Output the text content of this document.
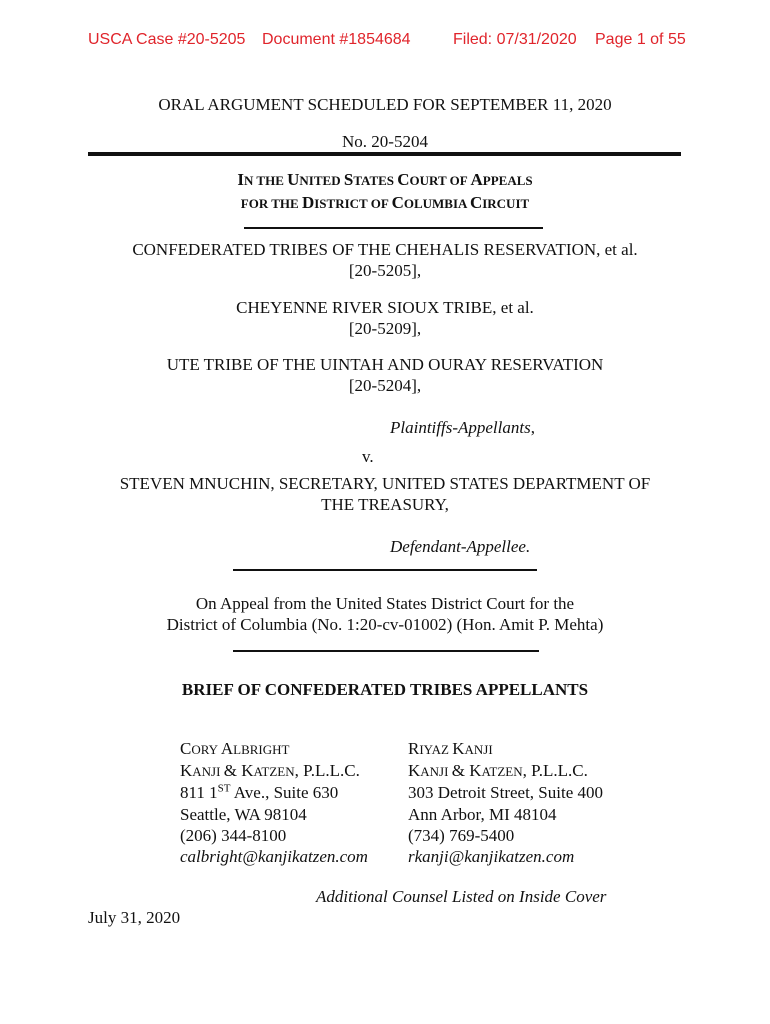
USCA Case #20-5205 Document #1854684	Filed: 07/31/2020 Page 1 of 55
ORAL ARGUMENT SCHEDULED FOR SEPTEMBER 11, 2020
No. 20-5204
IN THE UNITED STATES COURT OF APPEALS
FOR THE DISTRICT OF COLUMBIA CIRCUIT
CONFEDERATED TRIBES OF THE CHEHALIS RESERVATION, et al.
[20-5205],
CHEYENNE RIVER SIOUX TRIBE, et al.
[20-5209],
UTE TRIBE OF THE UINTAH AND OURAY RESERVATION
[20-5204],
Plaintiffs-Appellants,
v.
STEVEN MNUCHIN, SECRETARY, UNITED STATES DEPARTMENT OF
THE TREASURY,
Defendant-Appellee.
On Appeal from the United States District Court for the
District of Columbia (No. 1:20-cv-01002) (Hon. Amit P. Mehta)
BRIEF OF CONFEDERATED TRIBES APPELLANTS
CORY ALBRIGHT
KANJI & KATZEN, P.L.L.C.
811 1ST Ave., Suite 630
Seattle, WA 98104
(206) 344-8100
calbright@kanjikatzen.com
RIYAZ KANJI
KANJI & KATZEN, P.L.L.C.
303 Detroit Street, Suite 400
Ann Arbor, MI 48104
(734) 769-5400
rkanji@kanjikatzen.com
Additional Counsel Listed on Inside Cover
July 31, 2020
